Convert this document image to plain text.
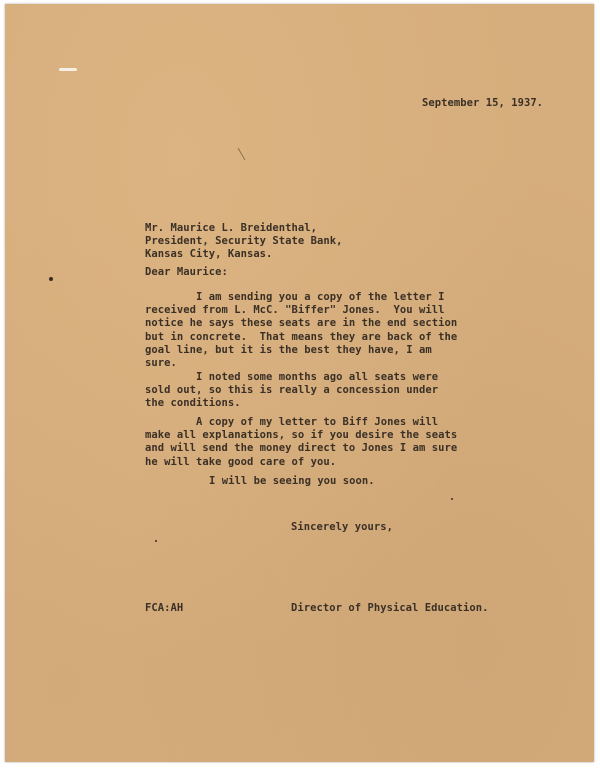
September 15, 1937.
Mr. Maurice L. Breidenthal,
President, Security State Bank,
Kansas City, Kansas.
Dear Maurice:
I am sending you a copy of the letter I
received from L. McC. "Biffer" Jones.  You will
notice he says these seats are in the end section
but in concrete.  That means they are back of the
goal line, but it is the best they have, I am
sure.
I noted some months ago all seats were
sold out, so this is really a concession under
the conditions.
A copy of my letter to Biff Jones will
make all explanations, so if you desire the seats
and will send the money direct to Jones I am sure
he will take good care of you.
I will be seeing you soon.
Sincerely yours,
FCA:AH	Director of Physical Education.
